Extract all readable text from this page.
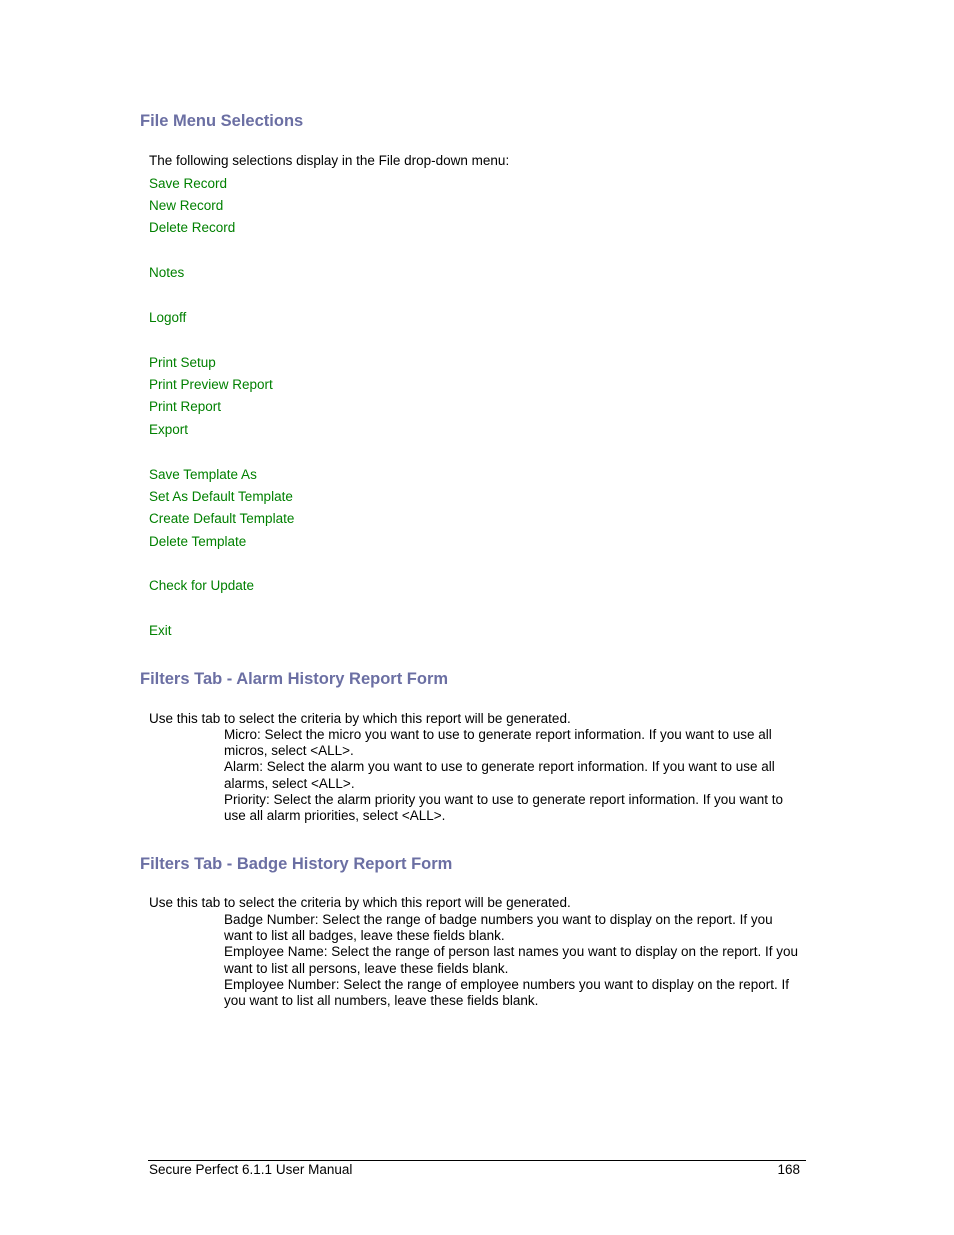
File Menu Selections
The following selections display in the File drop-down menu:
Save Record
New Record
Delete Record
Notes
Logoff
Print Setup
Print Preview Report
Print Report
Export
Save Template As
Set As Default Template
Create Default Template
Delete Template
Check for Update
Exit
Filters Tab - Alarm History Report Form
Use this tab to select the criteria by which this report will be generated.

Micro: Select the micro you want to use to generate report information. If you want to use all micros, select <ALL>.

Alarm: Select the alarm you want to use to generate report information. If you want to use all alarms, select <ALL>.

Priority: Select the alarm priority you want to use to generate report information. If you want to use all alarm priorities, select <ALL>.

Filters Tab - Badge History Report Form
Use this tab to select the criteria by which this report will be generated.

Badge Number: Select the range of badge numbers you want to display on the report. If you want to list all badges, leave these fields blank.

Employee Name: Select the range of person last names you want to display on the report. If you want to list all persons, leave these fields blank.

Employee Number: Select the range of employee numbers you want to display on the report. If you want to list all numbers, leave these fields blank.

Secure Perfect 6.1.1 User Manual	168
